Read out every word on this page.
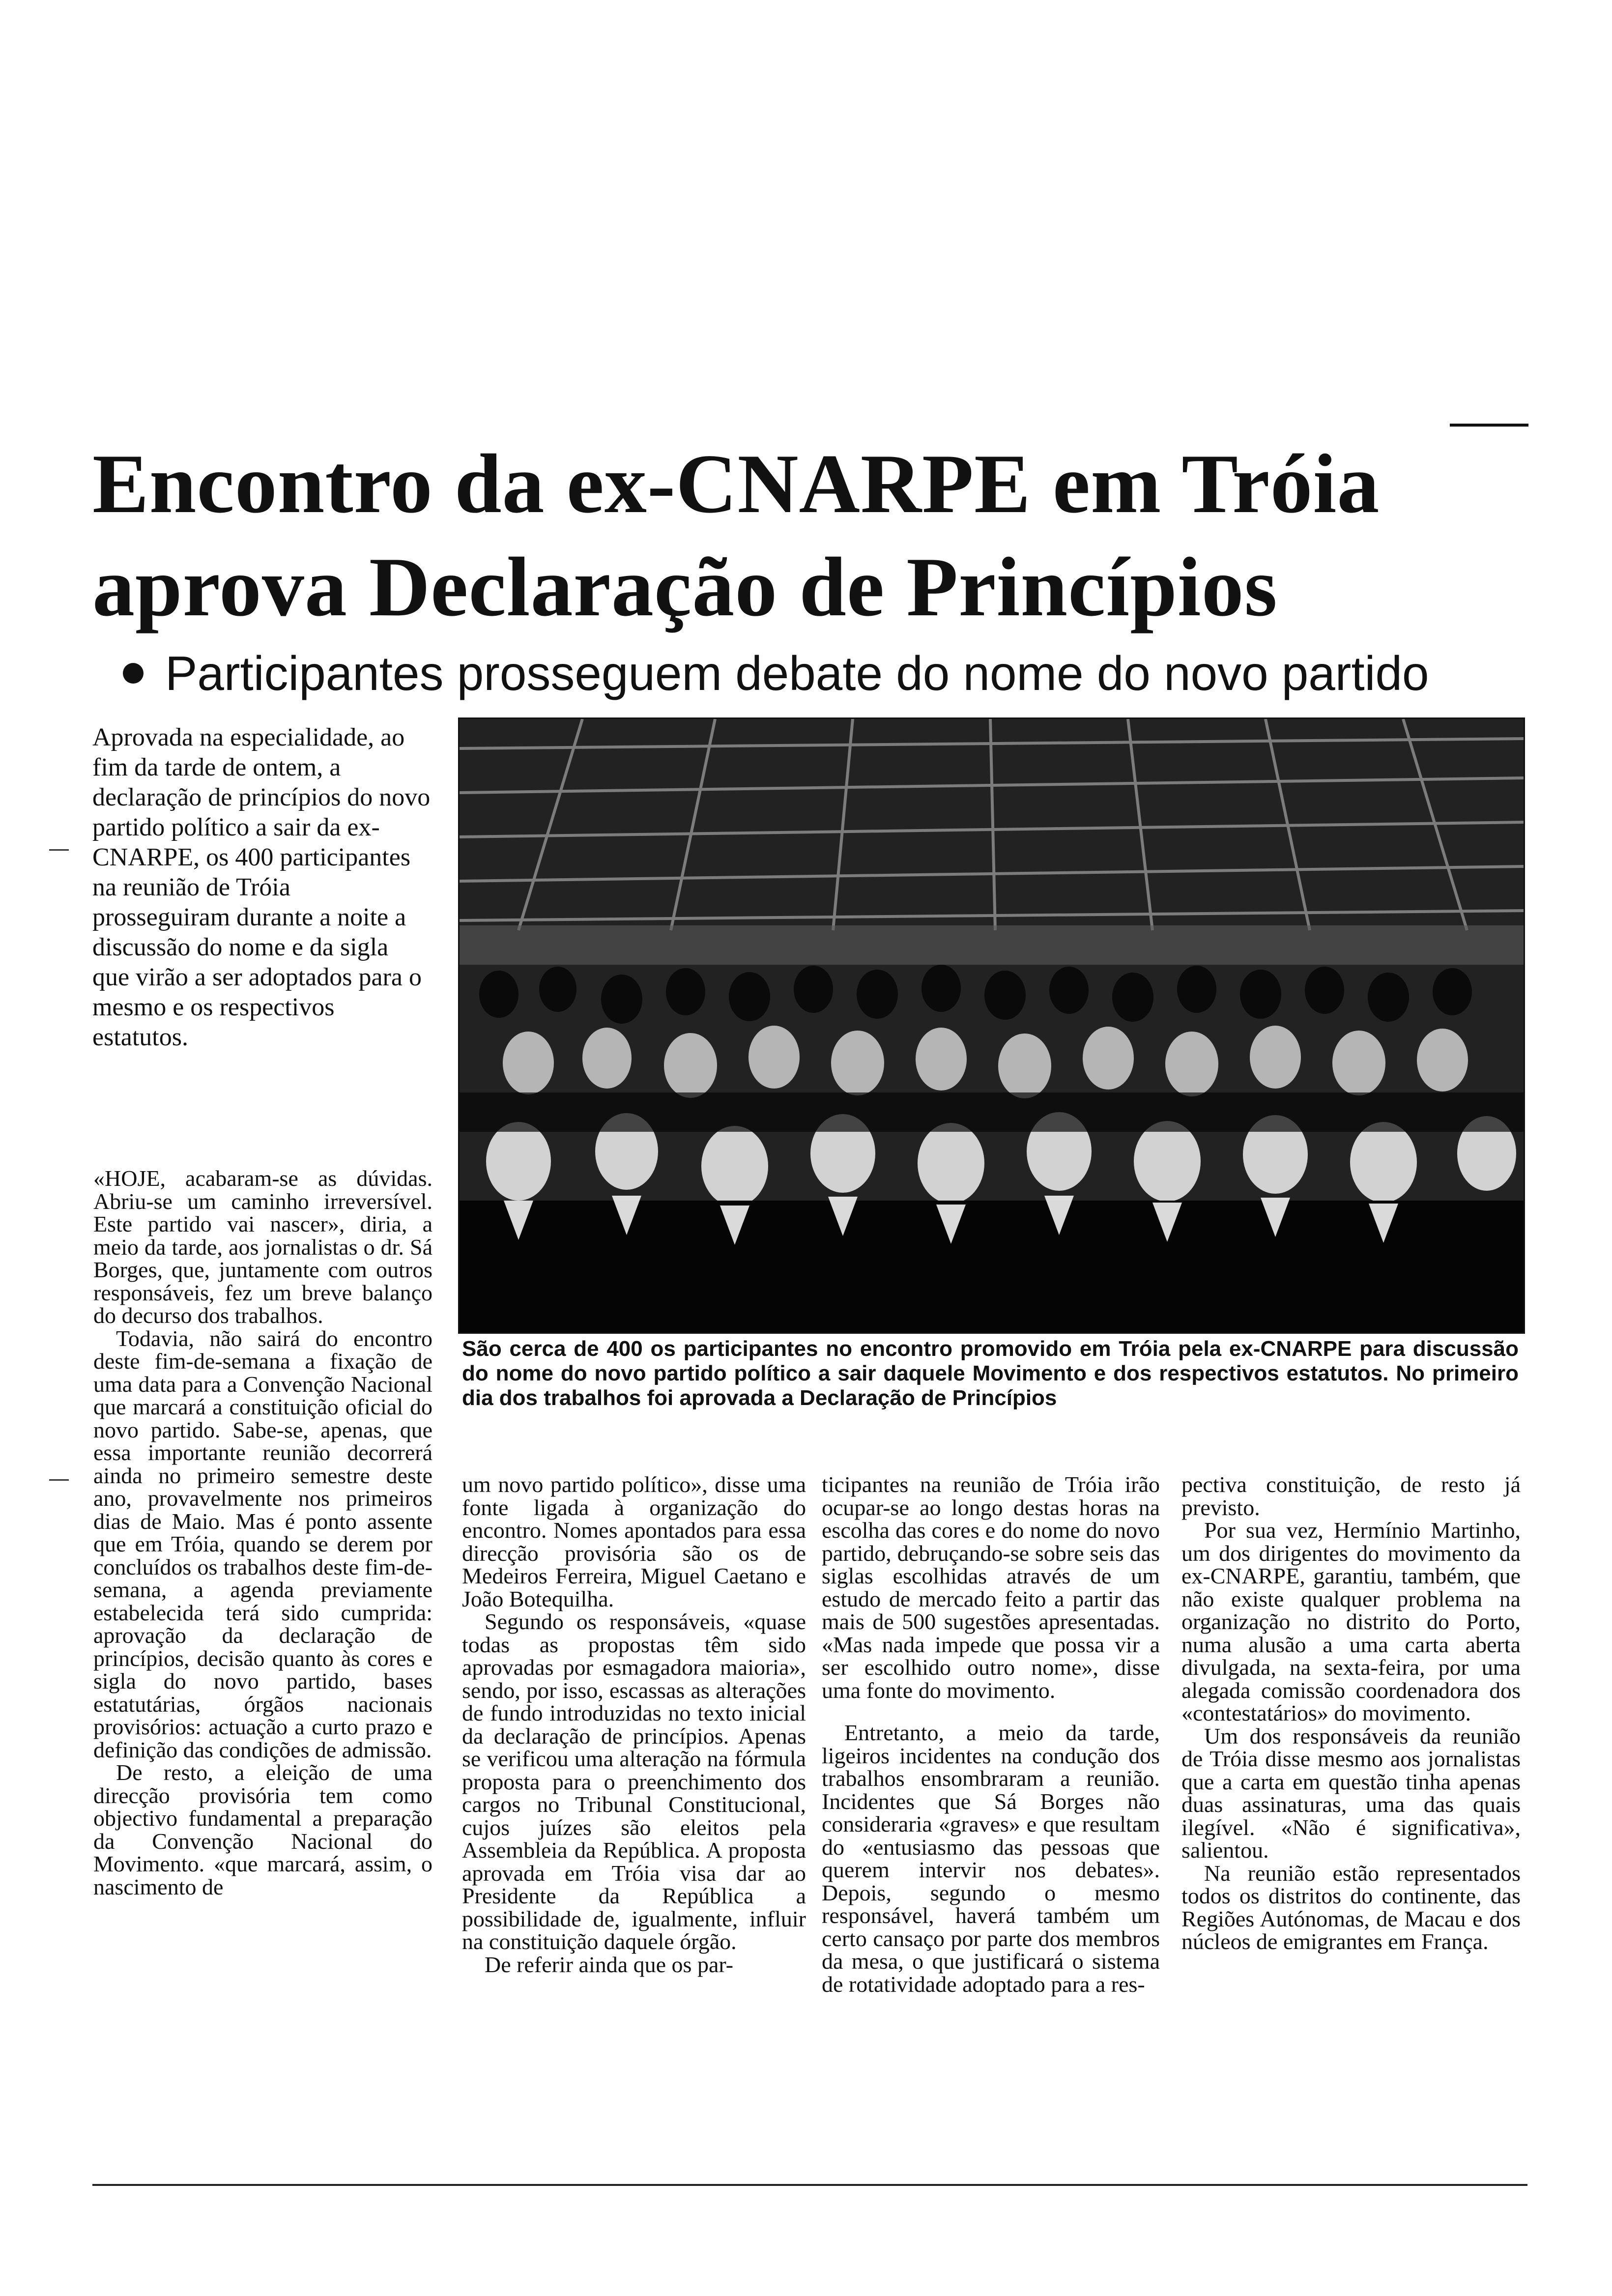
Encontro da ex-CNARPE em Tróia
aprova Declaração de Princípios

Participantes prosseguem debate do nome do novo partido

Aprovada na especialidade, ao fim da tarde de ontem, a declaração de princípios do novo partido político a sair da ex-CNARPE, os 400 participantes na reunião de Tróia prosseguiram durante a noite a discussão do nome e da sigla que virão a ser adoptados para o mesmo e os respectivos estatutos.

São cerca de 400 os participantes no encontro promovido em Tróia pela ex-CNARPE para discussão do nome do novo partido político a sair daquele Movimento e dos respectivos estatutos. No primeiro dia dos trabalhos foi aprovada a Declaração de Princípios

«HOJE, acabaram-se as dúvidas. Abriu-se um caminho irreversível. Este partido vai nascer», diria, a meio da tarde, aos jornalistas o dr. Sá Borges, que, juntamente com outros responsáveis, fez um breve balanço do decurso dos trabalhos.

Todavia, não sairá do encontro deste fim-de-semana a fixação de uma data para a Convenção Nacional que marcará a constituição oficial do novo partido. Sabe-se, apenas, que essa importante reunião decorrerá ainda no primeiro semestre deste ano, provavelmente nos primeiros dias de Maio. Mas é ponto assente que em Tróia, quando se derem por concluídos os trabalhos deste fim-de-semana, a agenda previamente estabelecida terá sido cumprida: aprovação da declaração de princípios, decisão quanto às cores e sigla do novo partido, bases estatutárias, órgãos nacionais provisórios: actuação a curto prazo e definição das condições de admissão.

De resto, a eleição de uma direcção provisória tem como objectivo fundamental a preparação da Convenção Nacional do Movimento. «que marcará, assim, o nascimento de

um novo partido político», disse uma fonte ligada à organização do encontro. Nomes apontados para essa direcção provisória são os de Medeiros Ferreira, Miguel Caetano e João Botequilha.

Segundo os responsáveis, «quase todas as propostas têm sido aprovadas por esmagadora maioria», sendo, por isso, escassas as alterações de fundo introduzidas no texto inicial da declaração de princípios. Apenas se verificou uma alteração na fórmula proposta para o preenchimento dos cargos no Tribunal Constitucional, cujos juízes são eleitos pela Assembleia da República. A proposta aprovada em Tróia visa dar ao Presidente da República a possibilidade de, igualmente, influir na constituição daquele órgão.

De referir ainda que os par-

ticipantes na reunião de Tróia irão ocupar-se ao longo destas horas na escolha das cores e do nome do novo partido, debruçando-se sobre seis das siglas escolhidas através de um estudo de mercado feito a partir das mais de 500 sugestões apresentadas. «Mas nada impede que possa vir a ser escolhido outro nome», disse uma fonte do movimento.

Entretanto, a meio da tarde, ligeiros incidentes na condução dos trabalhos ensombraram a reunião. Incidentes que Sá Borges não consideraria «graves» e que resultam do «entusiasmo das pessoas que querem intervir nos debates». Depois, segundo o mesmo responsável, haverá também um certo cansaço por parte dos membros da mesa, o que justificará o sistema de rotatividade adoptado para a res-

pectiva constituição, de resto já previsto.

Por sua vez, Hermínio Martinho, um dos dirigentes do movimento da ex-CNARPE, garantiu, também, que não existe qualquer problema na organização no distrito do Porto, numa alusão a uma carta aberta divulgada, na sexta-feira, por uma alegada comissão coordenadora dos «contestatários» do movimento.

Um dos responsáveis da reunião de Tróia disse mesmo aos jornalistas que a carta em questão tinha apenas duas assinaturas, uma das quais ilegível. «Não é significativa», salientou.

Na reunião estão representados todos os distritos do continente, das Regiões Autónomas, de Macau e dos núcleos de emigrantes em França.
